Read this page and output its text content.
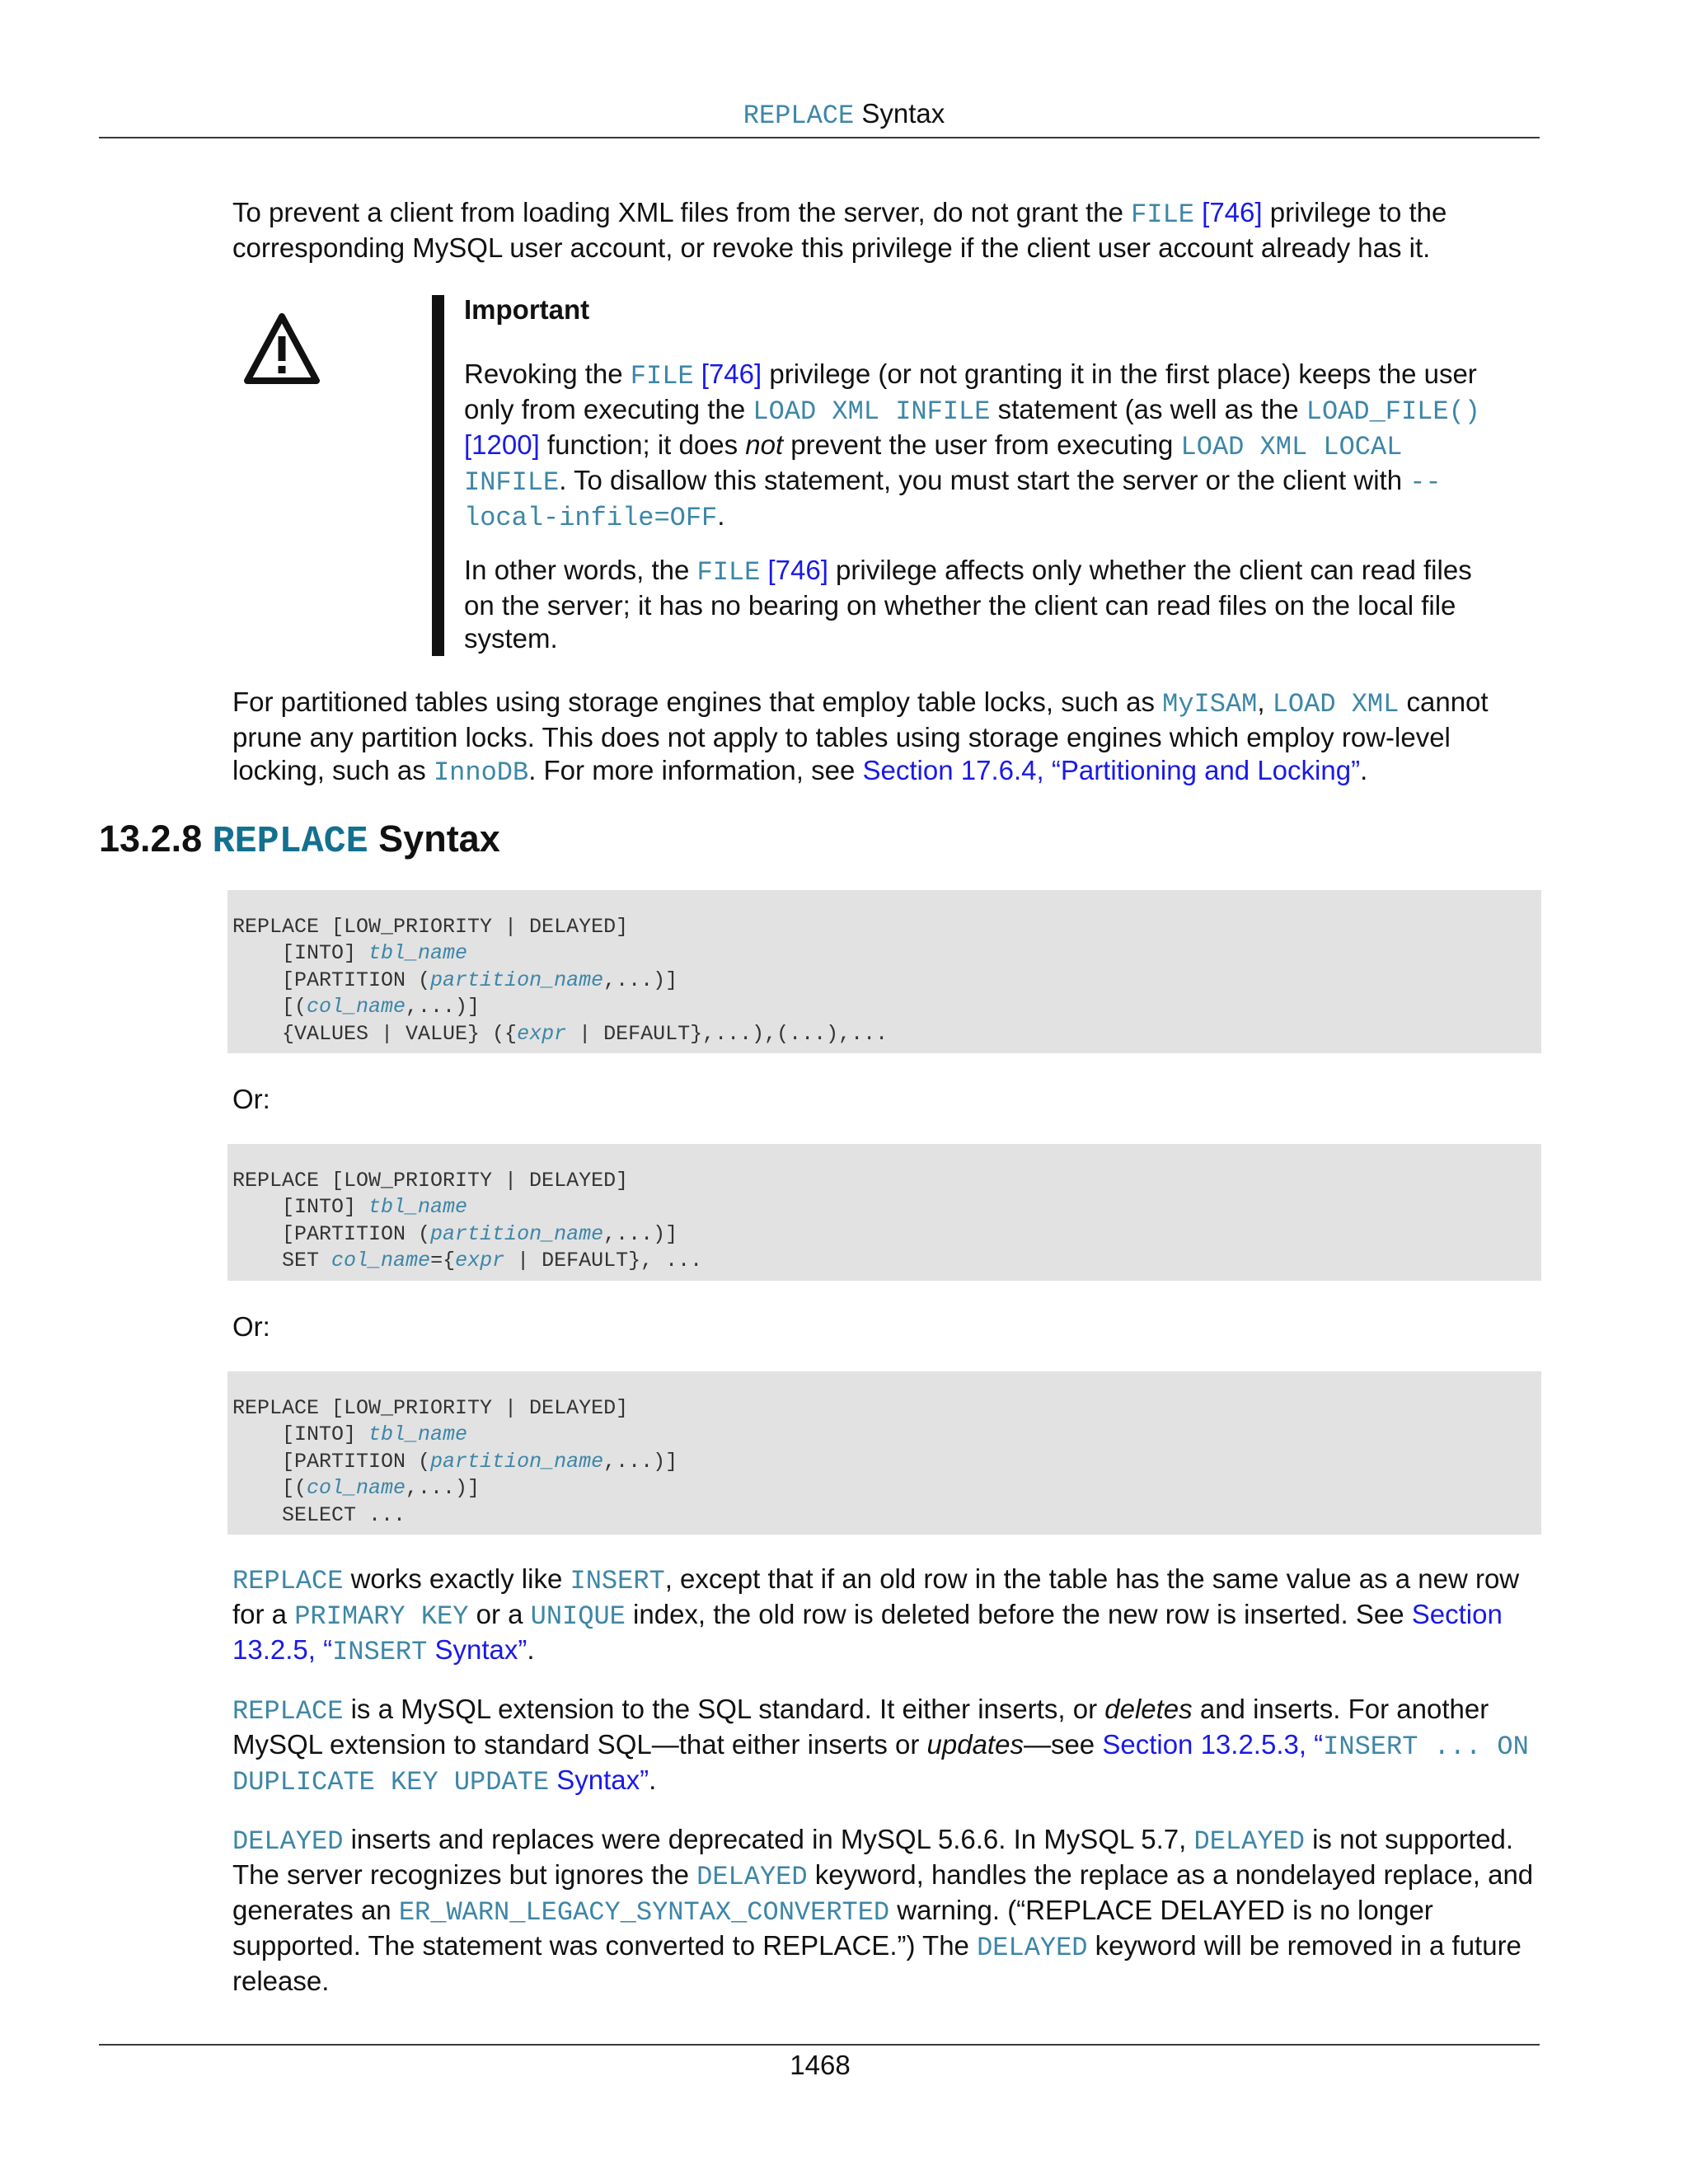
REPLACE Syntax

To prevent a client from loading XML files from the server, do not grant the FILE [746] privilege to the corresponding MySQL user account, or revoke this privilege if the client user account already has it.

Important

Revoking the FILE [746] privilege (or not granting it in the first place) keeps the user only from executing the LOAD XML INFILE statement (as well as the LOAD_FILE() [1200] function; it does not prevent the user from executing LOAD XML LOCAL INFILE. To disallow this statement, you must start the server or the client with --local-infile=OFF.

In other words, the FILE [746] privilege affects only whether the client can read files on the server; it has no bearing on whether the client can read files on the local file system.

For partitioned tables using storage engines that employ table locks, such as MyISAM, LOAD XML cannot prune any partition locks. This does not apply to tables using storage engines which employ row-level locking, such as InnoDB. For more information, see Section 17.6.4, “Partitioning and Locking”.

13.2.8 REPLACE Syntax
REPLACE [LOW_PRIORITY | DELAYED]
[INTO] tbl_name
[PARTITION (partition_name,...)]
[(col_name,...)]
{VALUES | VALUE} ({expr | DEFAULT},...),(...),...

Or:

REPLACE [LOW_PRIORITY | DELAYED]
[INTO] tbl_name
[PARTITION (partition_name,...)]
SET col_name={expr | DEFAULT}, ...

Or:

REPLACE [LOW_PRIORITY | DELAYED]
[INTO] tbl_name
[PARTITION (partition_name,...)]
[(col_name,...)]
SELECT ...

REPLACE works exactly like INSERT, except that if an old row in the table has the same value as a new row for a PRIMARY KEY or a UNIQUE index, the old row is deleted before the new row is inserted. See Section 13.2.5, “INSERT Syntax”.

REPLACE is a MySQL extension to the SQL standard. It either inserts, or deletes and inserts. For another MySQL extension to standard SQL—that either inserts or updates—see Section 13.2.5.3, “INSERT ... ON DUPLICATE KEY UPDATE Syntax”.

DELAYED inserts and replaces were deprecated in MySQL 5.6.6. In MySQL 5.7, DELAYED is not supported. The server recognizes but ignores the DELAYED keyword, handles the replace as a nondelayed replace, and generates an ER_WARN_LEGACY_SYNTAX_CONVERTED warning. (“REPLACE DELAYED is no longer supported. The statement was converted to REPLACE.”) The DELAYED keyword will be removed in a future release.

1468
